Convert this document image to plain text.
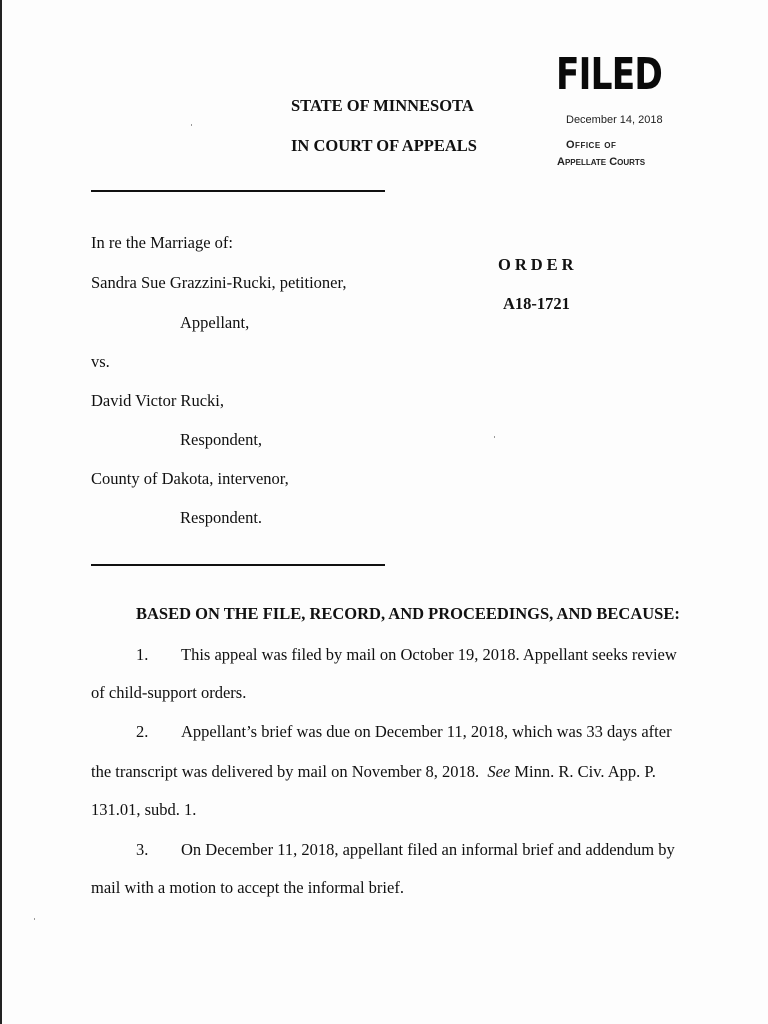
FILED
December 14, 2018
Office of
Appellate Courts
STATE OF MINNESOTA
IN COURT OF APPEALS
In re the Marriage of:
Sandra Sue Grazzini-Rucki, petitioner,
Appellant,
vs.
David Victor Rucki,
Respondent,
County of Dakota, intervenor,
Respondent.
ORDER
A18-1721
BASED ON THE FILE, RECORD, AND PROCEEDINGS, AND BECAUSE:
1. This appeal was filed by mail on October 19, 2018. Appellant seeks review
of child-support orders.
2. Appellant’s brief was due on December 11, 2018, which was 33 days after
the transcript was delivered by mail on November 8, 2018.  See Minn. R. Civ. App. P.
131.01, subd. 1.
3. On December 11, 2018, appellant filed an informal brief and addendum by
mail with a motion to accept the informal brief.
